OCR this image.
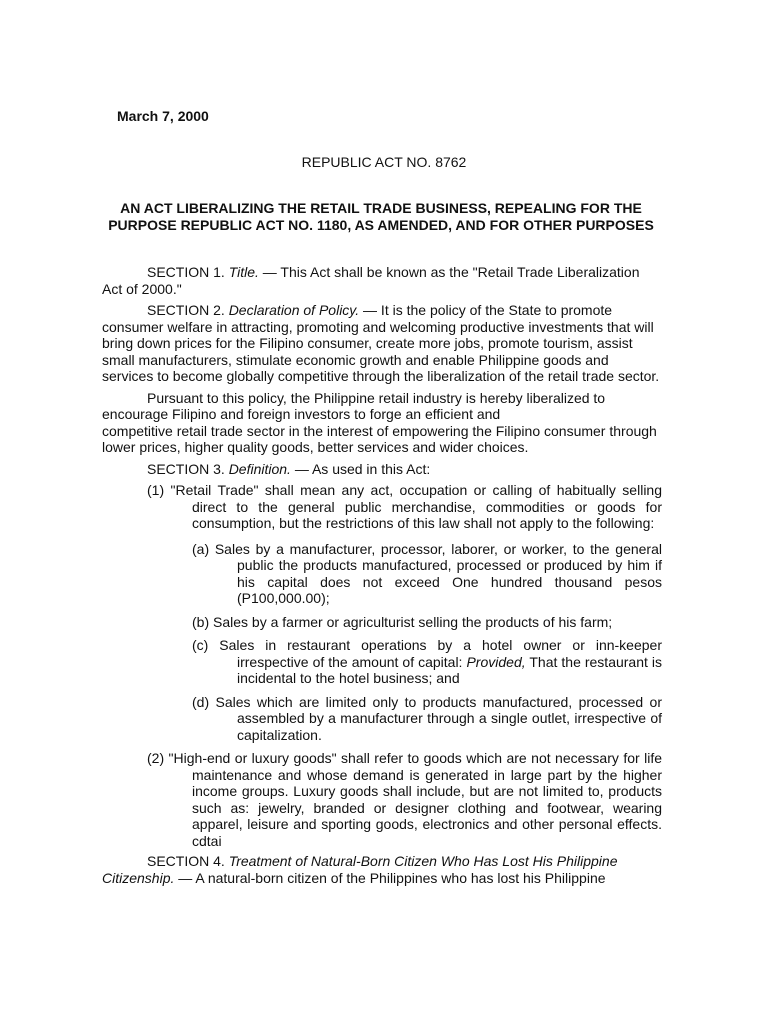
March 7, 2000
REPUBLIC ACT NO. 8762
AN ACT LIBERALIZING THE RETAIL TRADE BUSINESS, REPEALING FOR THE PURPOSE REPUBLIC ACT NO. 1180, AS AMENDED, AND FOR OTHER PURPOSES

SECTION 1. Title. — This Act shall be known as the "Retail Trade Liberalization Act of 2000."

SECTION 2. Declaration of Policy. — It is the policy of the State to promote consumer welfare in attracting, promoting and welcoming productive investments that will bring down prices for the Filipino consumer, create more jobs, promote tourism, assist small manufacturers, stimulate economic growth and enable Philippine goods and services to become globally competitive through the liberalization of the retail trade sector.

Pursuant to this policy, the Philippine retail industry is hereby liberalized to encourage Filipino and foreign investors to forge an efficient and

competitive retail trade sector in the interest of empowering the Filipino consumer through lower prices, higher quality goods, better services and wider choices.

SECTION 3. Definition. — As used in this Act:

(1) "Retail Trade" shall mean any act, occupation or calling of habitually selling direct to the general public merchandise, commodities or goods for consumption, but the restrictions of this law shall not apply to the following:

(a) Sales by a manufacturer, processor, laborer, or worker, to the general public the products manufactured, processed or produced by him if his capital does not exceed One hundred thousand pesos (P100,000.00);

(b) Sales by a farmer or agriculturist selling the products of his farm;

(c) Sales in restaurant operations by a hotel owner or inn-keeper irrespective of the amount of capital: Provided, That the restaurant is incidental to the hotel business; and

(d) Sales which are limited only to products manufactured, processed or assembled by a manufacturer through a single outlet, irrespective of capitalization.

(2) "High-end or luxury goods" shall refer to goods which are not necessary for life maintenance and whose demand is generated in large part by the higher income groups. Luxury goods shall include, but are not limited to, products such as: jewelry, branded or designer clothing and footwear, wearing apparel, leisure and sporting goods, electronics and other personal effects. cdtai

SECTION 4. Treatment of Natural-Born Citizen Who Has Lost His Philippine Citizenship. — A natural-born citizen of the Philippines who has lost his Philippine
